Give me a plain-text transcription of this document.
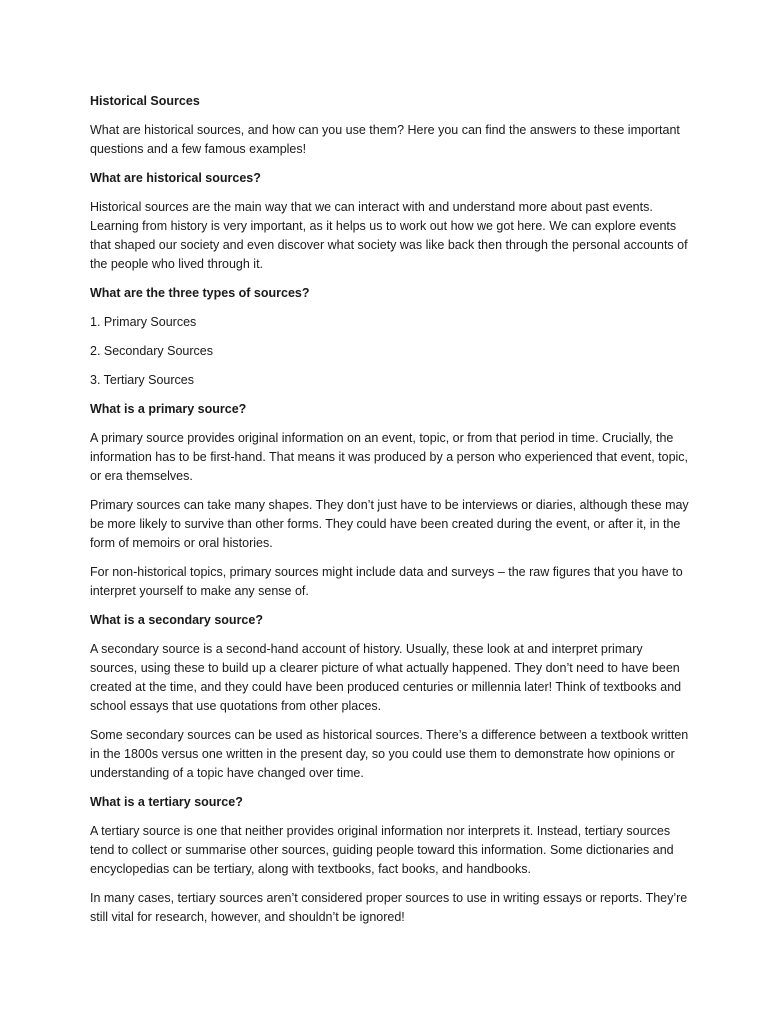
Historical Sources

What are historical sources, and how can you use them? Here you can find the answers to these important questions and a few famous examples!

What are historical sources?

Historical sources are the main way that we can interact with and understand more about past events. Learning from history is very important, as it helps us to work out how we got here. We can explore events that shaped our society and even discover what society was like back then through the personal accounts of the people who lived through it.

What are the three types of sources?

1. Primary Sources

2. Secondary Sources

3. Tertiary Sources

What is a primary source?

A primary source provides original information on an event, topic, or from that period in time. Crucially, the information has to be first-hand. That means it was produced by a person who experienced that event, topic, or era themselves.

Primary sources can take many shapes. They don’t just have to be interviews or diaries, although these may be more likely to survive than other forms. They could have been created during the event, or after it, in the form of memoirs or oral histories.

For non-historical topics, primary sources might include data and surveys – the raw figures that you have to interpret yourself to make any sense of.

What is a secondary source?

A secondary source is a second-hand account of history. Usually, these look at and interpret primary sources, using these to build up a clearer picture of what actually happened. They don’t need to have been created at the time, and they could have been produced centuries or millennia later! Think of textbooks and school essays that use quotations from other places.

Some secondary sources can be used as historical sources. There’s a difference between a textbook written in the 1800s versus one written in the present day, so you could use them to demonstrate how opinions or understanding of a topic have changed over time.

What is a tertiary source?

A tertiary source is one that neither provides original information nor interprets it. Instead, tertiary sources tend to collect or summarise other sources, guiding people toward this information. Some dictionaries and encyclopedias can be tertiary, along with textbooks, fact books, and handbooks.

In many cases, tertiary sources aren’t considered proper sources to use in writing essays or reports. They’re still vital for research, however, and shouldn’t be ignored!
